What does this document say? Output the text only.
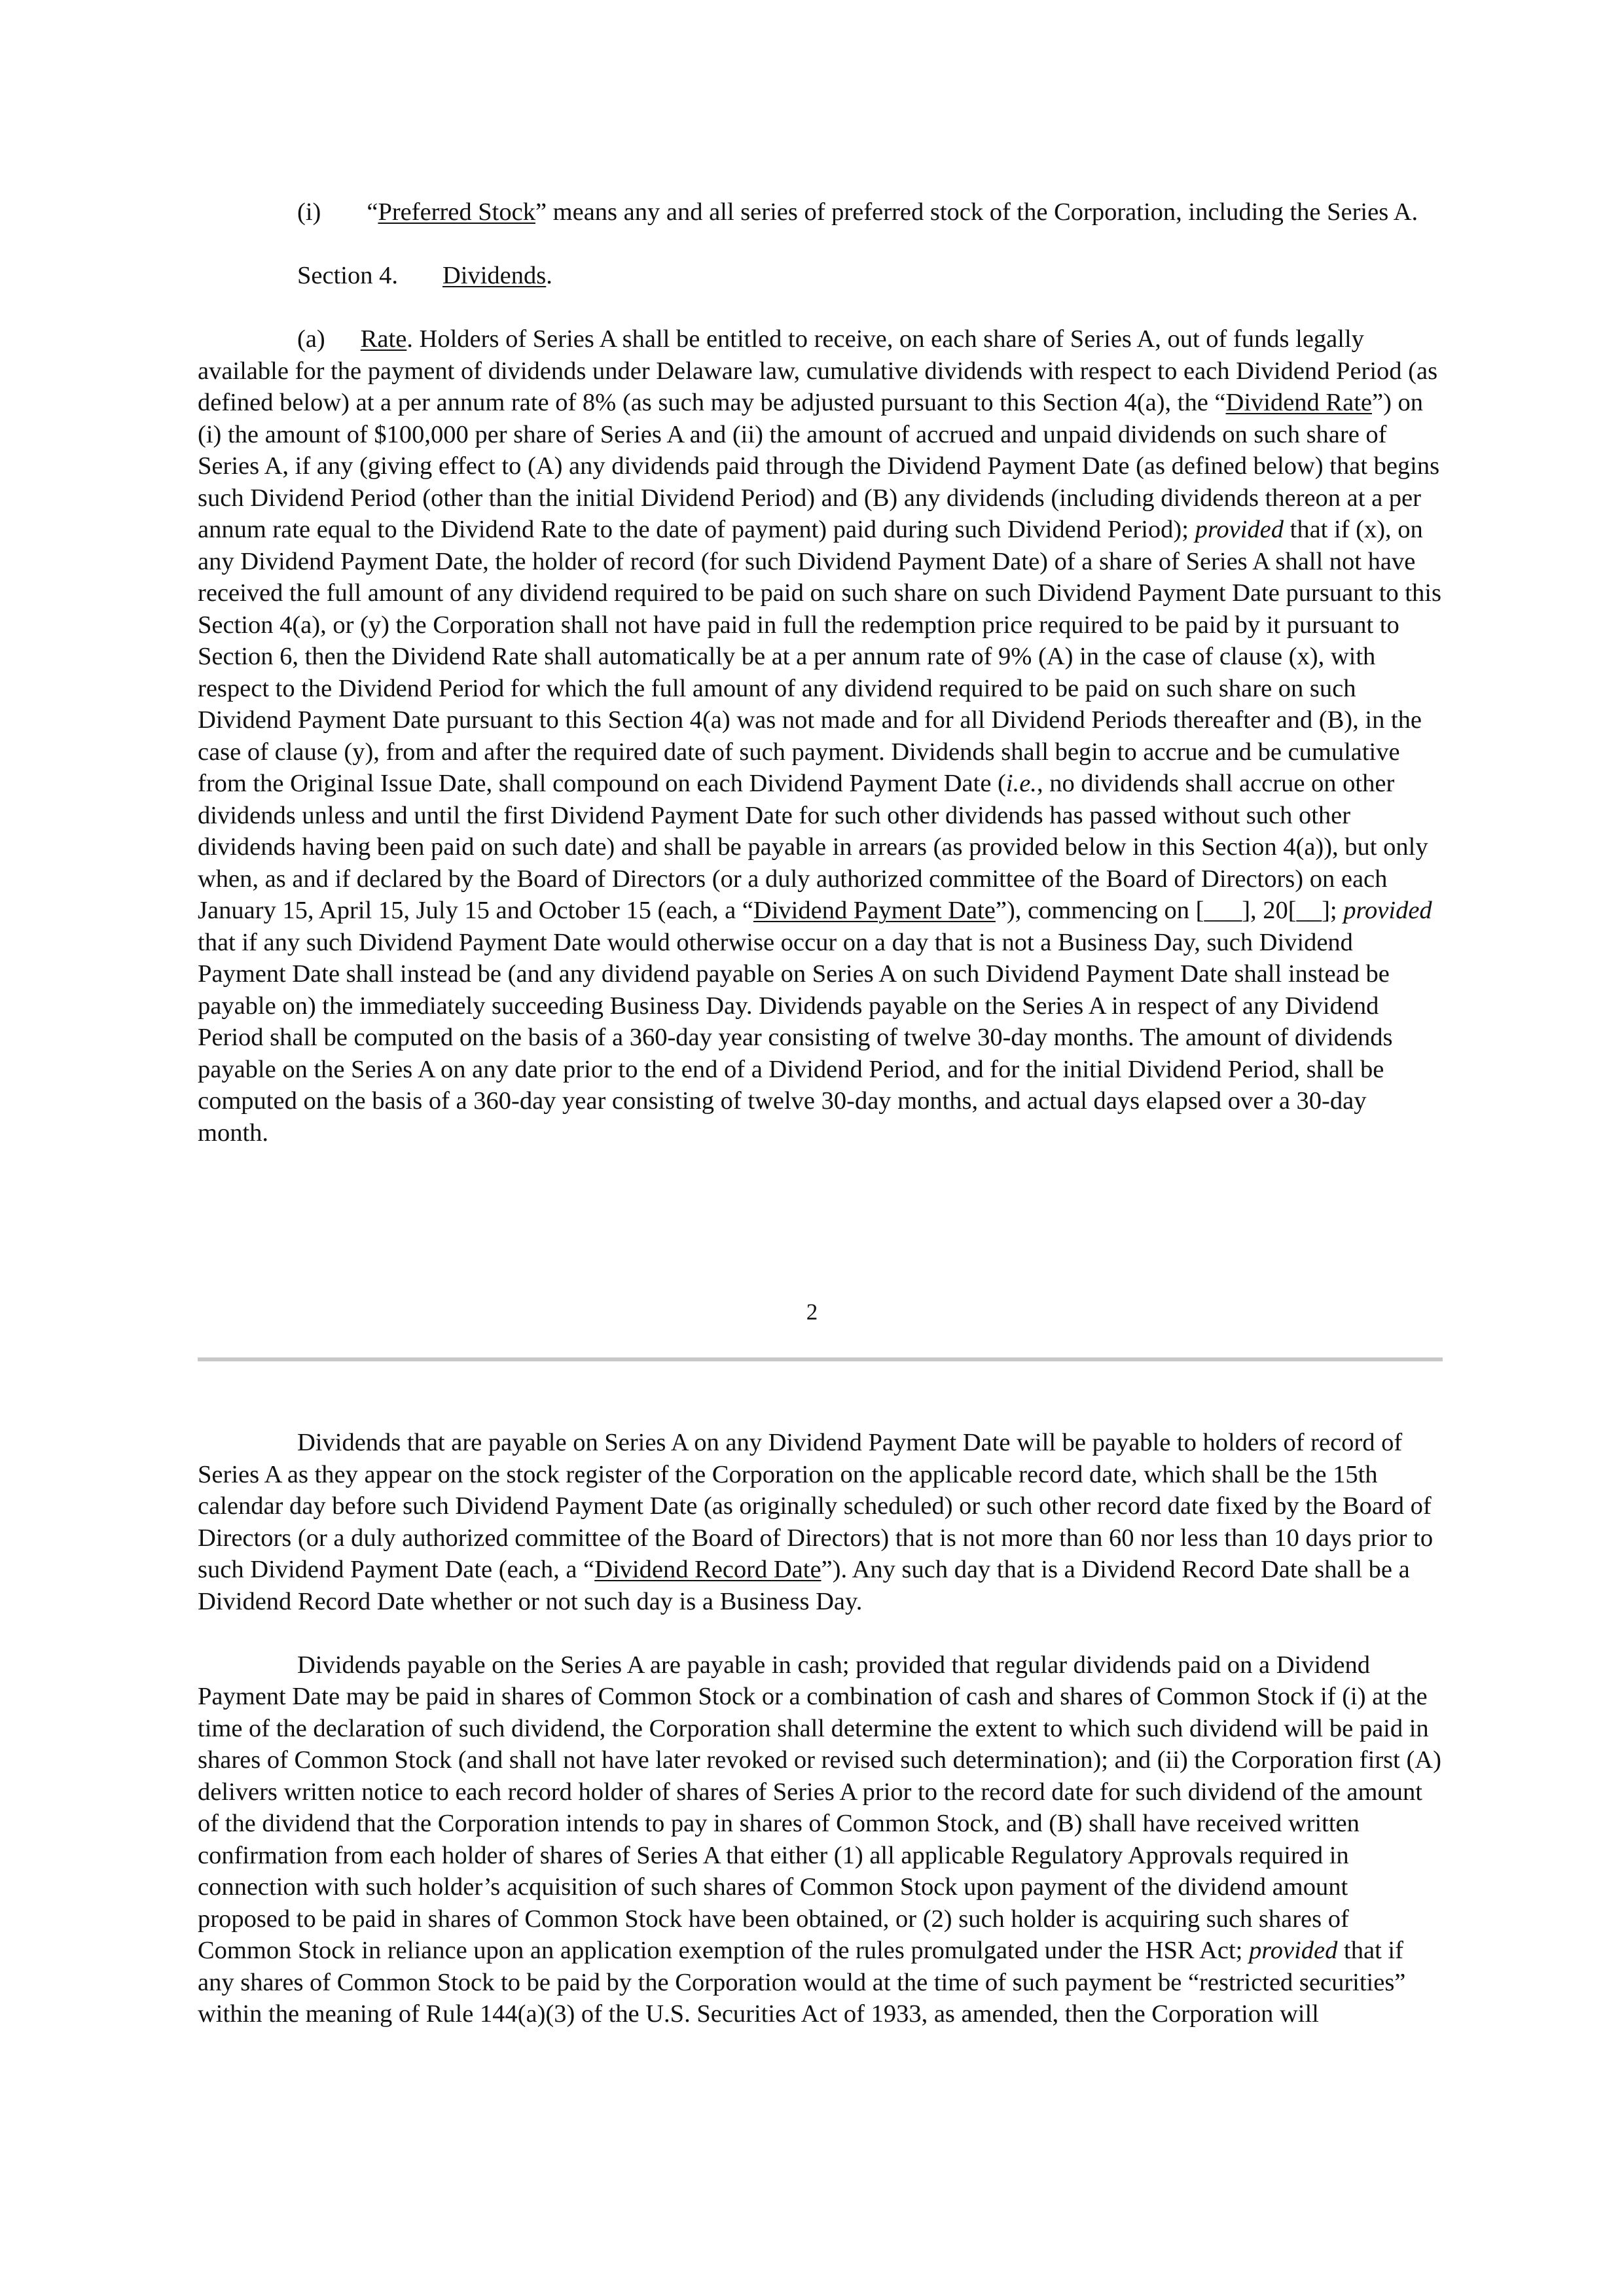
(i) “Preferred Stock” means any and all series of preferred stock of the Corporation, including the Series A.

Section 4. Dividends.

(a) Rate. Holders of Series A shall be entitled to receive, on each share of Series A, out of funds legally available for the payment of dividends under Delaware law, cumulative dividends with respect to each Dividend Period (as defined below) at a per annum rate of 8% (as such may be adjusted pursuant to this Section 4(a), the “Dividend Rate”) on (i) the amount of $100,000 per share of Series A and (ii) the amount of accrued and unpaid dividends on such share of Series A, if any (giving effect to (A) any dividends paid through the Dividend Payment Date (as defined below) that begins such Dividend Period (other than the initial Dividend Period) and (B) any dividends (including dividends thereon at a per annum rate equal to the Dividend Rate to the date of payment) paid during such Dividend Period); provided that if (x), on any Dividend Payment Date, the holder of record (for such Dividend Payment Date) of a share of Series A shall not have received the full amount of any dividend required to be paid on such share on such Dividend Payment Date pursuant to this Section 4(a), or (y) the Corporation shall not have paid in full the redemption price required to be paid by it pursuant to Section 6, then the Dividend Rate shall automatically be at a per annum rate of 9% (A) in the case of clause (x), with respect to the Dividend Period for which the full amount of any dividend required to be paid on such share on such Dividend Payment Date pursuant to this Section 4(a) was not made and for all Dividend Periods thereafter and (B), in the case of clause (y), from and after the required date of such payment. Dividends shall begin to accrue and be cumulative from the Original Issue Date, shall compound on each Dividend Payment Date (i.e., no dividends shall accrue on other dividends unless and until the first Dividend Payment Date for such other dividends has passed without such other dividends having been paid on such date) and shall be payable in arrears (as provided below in this Section 4(a)), but only when, as and if declared by the Board of Directors (or a duly authorized committee of the Board of Directors) on each January 15, April 15, July 15 and October 15 (each, a “Dividend Payment Date”), commencing on [___], 20[__]; provided that if any such Dividend Payment Date would otherwise occur on a day that is not a Business Day, such Dividend Payment Date shall instead be (and any dividend payable on Series A on such Dividend Payment Date shall instead be payable on) the immediately succeeding Business Day. Dividends payable on the Series A in respect of any Dividend Period shall be computed on the basis of a 360-day year consisting of twelve 30-day months. The amount of dividends payable on the Series A on any date prior to the end of a Dividend Period, and for the initial Dividend Period, shall be computed on the basis of a 360-day year consisting of twelve 30-day months, and actual days elapsed over a 30-day month.

2

Dividends that are payable on Series A on any Dividend Payment Date will be payable to holders of record of Series A as they appear on the stock register of the Corporation on the applicable record date, which shall be the 15th calendar day before such Dividend Payment Date (as originally scheduled) or such other record date fixed by the Board of Directors (or a duly authorized committee of the Board of Directors) that is not more than 60 nor less than 10 days prior to such Dividend Payment Date (each, a “Dividend Record Date”). Any such day that is a Dividend Record Date shall be a Dividend Record Date whether or not such day is a Business Day.

Dividends payable on the Series A are payable in cash; provided that regular dividends paid on a Dividend Payment Date may be paid in shares of Common Stock or a combination of cash and shares of Common Stock if (i) at the time of the declaration of such dividend, the Corporation shall determine the extent to which such dividend will be paid in shares of Common Stock (and shall not have later revoked or revised such determination); and (ii) the Corporation first (A) delivers written notice to each record holder of shares of Series A prior to the record date for such dividend of the amount of the dividend that the Corporation intends to pay in shares of Common Stock, and (B) shall have received written confirmation from each holder of shares of Series A that either (1) all applicable Regulatory Approvals required in connection with such holder’s acquisition of such shares of Common Stock upon payment of the dividend amount proposed to be paid in shares of Common Stock have been obtained, or (2) such holder is acquiring such shares of Common Stock in reliance upon an application exemption of the rules promulgated under the HSR Act; provided that if any shares of Common Stock to be paid by the Corporation would at the time of such payment be “restricted securities” within the meaning of Rule 144(a)(3) of the U.S. Securities Act of 1933, as amended, then the Corporation will
